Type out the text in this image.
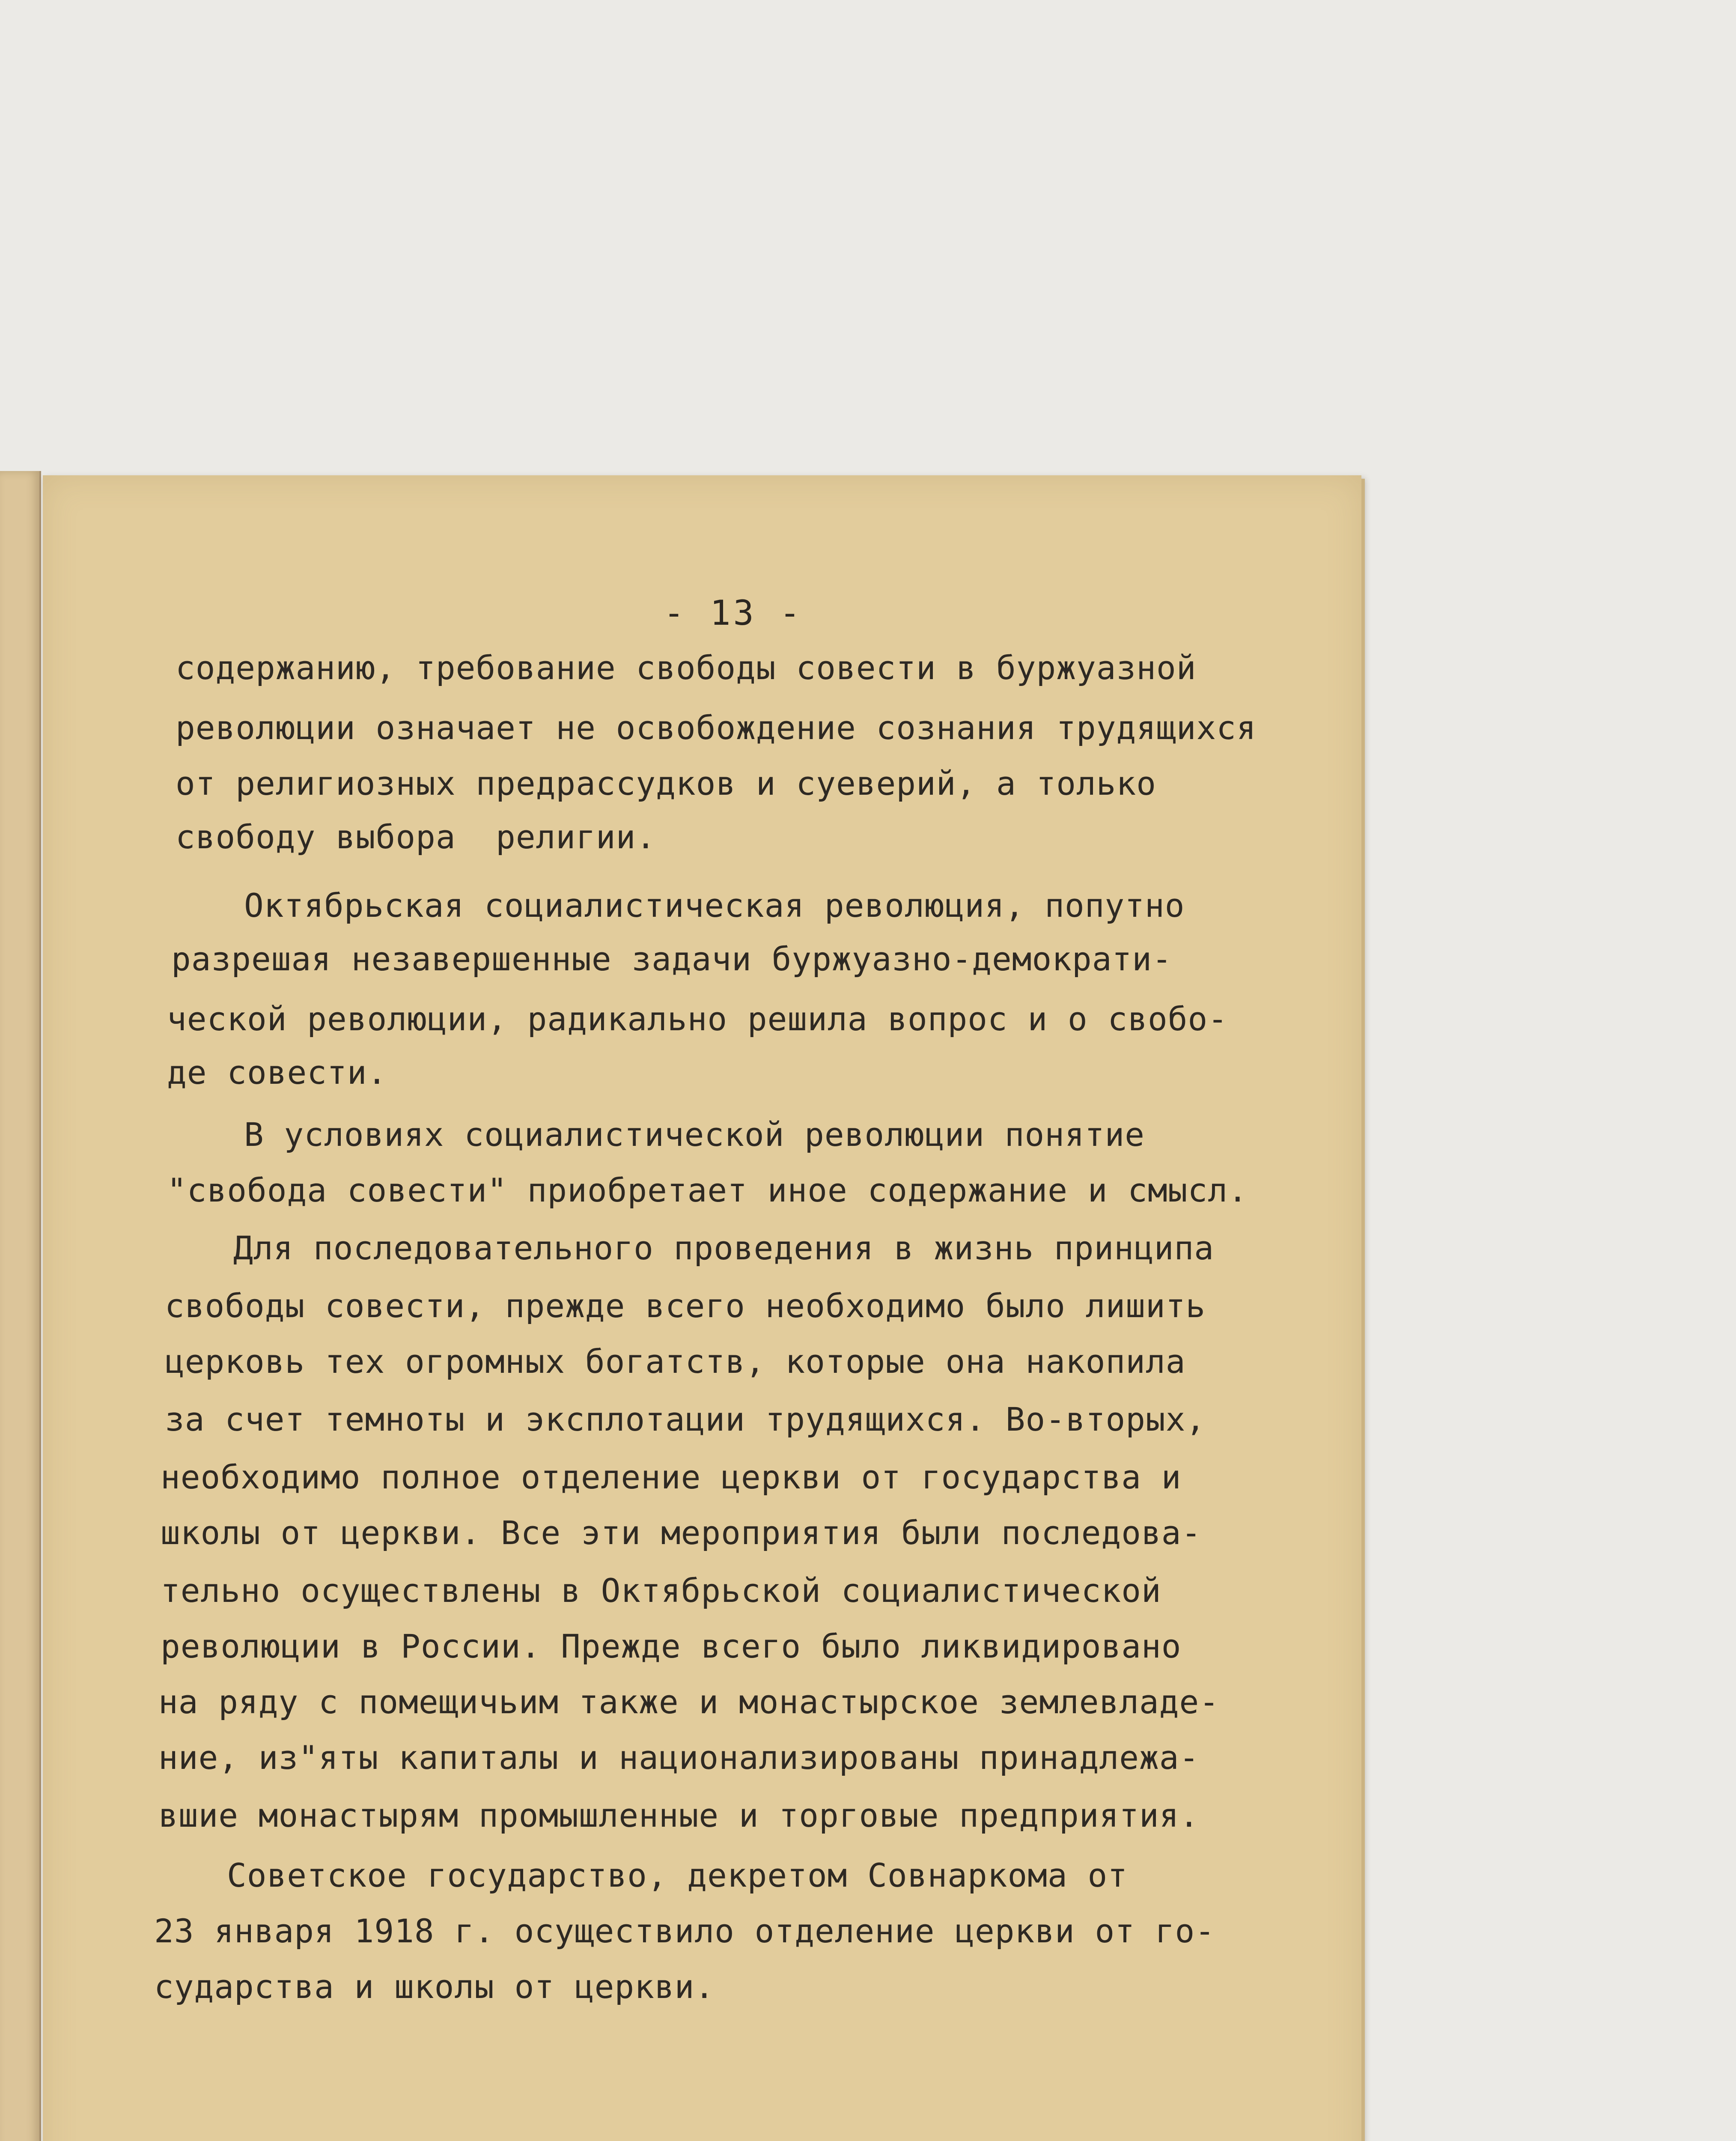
- 13 -
содержанию, требование свободы совести в буржуазной
революции означает не освобождение сознания трудящихся
от религиозных предрассудков и суеверий, а только
свободу выбора  религии.
Октябрьская социалистическая революция, попутно
разрешая незавершенные задачи буржуазно-демократи-
ческой революции, радикально решила вопрос и о свобо-
де совести.
В условиях социалистической революции понятие
"свобода совести" приобретает иное содержание и смысл.
Для последовательного проведения в жизнь принципа
свободы совести, прежде всего необходимо было лишить
церковь тех огромных богатств, которые она накопила
за счет темноты и эксплотации трудящихся. Во-вторых,
необходимо полное отделение церкви от государства и
школы от церкви. Все эти мероприятия были последова-
тельно осуществлены в Октябрьской социалистической
революции в России. Прежде всего было ликвидировано
на ряду с помещичьим также и монастырское землевладе-
ние, из"яты капиталы и национализированы принадлежа-
вшие монастырям промышленные и торговые предприятия.
Советское государство, декретом Совнаркома от
23 января 1918 г. осуществило отделение церкви от го-
сударства и школы от церкви.
